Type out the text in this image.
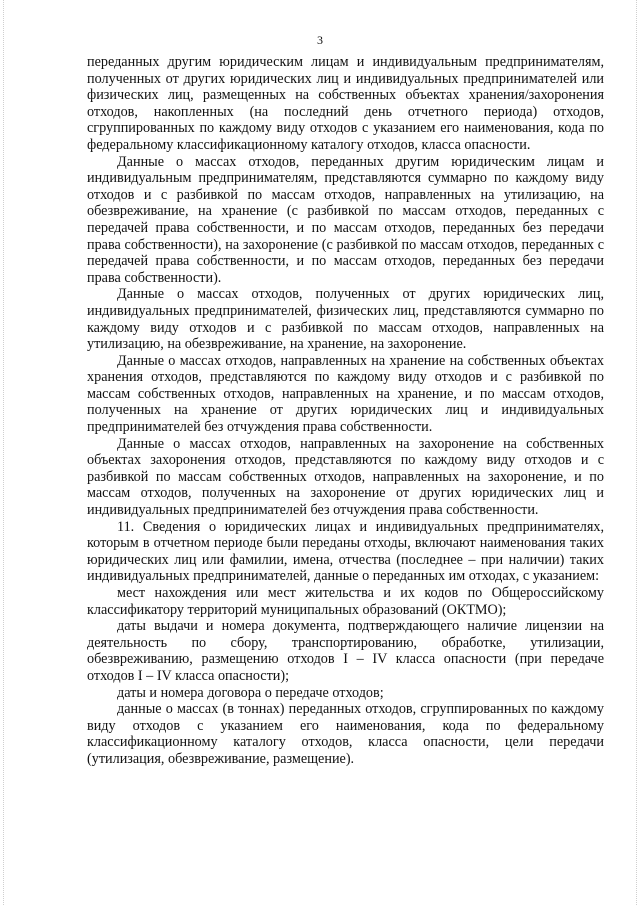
3

переданных другим юридическим лицам и индивидуальным предпринимателям, полученных от других юридических лиц и индивидуальных предпринимателей или физических лиц, размещенных на собственных объектах хранения/захоронения отходов, накопленных (на последний день отчетного периода) отходов, сгруппированных по каждому виду отходов с указанием его наименования, кода по федеральному классификационному каталогу отходов, класса опасности.

Данные о массах отходов, переданных другим юридическим лицам и индивидуальным предпринимателям, представляются суммарно по каждому виду отходов и с разбивкой по массам отходов, направленных на утилизацию, на обезвреживание, на хранение (с разбивкой по массам отходов, переданных с передачей права собственности, и по массам отходов, переданных без передачи права собственности), на захоронение (с разбивкой по массам отходов, переданных с передачей права собственности, и по массам отходов, переданных без передачи права собственности).

Данные о массах отходов, полученных от других юридических лиц, индивидуальных предпринимателей, физических лиц, представляются суммарно по каждому виду отходов и с разбивкой по массам отходов, направленных на утилизацию, на обезвреживание, на хранение, на захоронение.

Данные о массах отходов, направленных на хранение на собственных объектах хранения отходов, представляются по каждому виду отходов и с разбивкой по массам собственных отходов, направленных на хранение, и по массам отходов, полученных на хранение от других юридических лиц и индивидуальных предпринимателей без отчуждения права собственности.

Данные о массах отходов, направленных на захоронение на собственных объектах захоронения отходов, представляются по каждому виду отходов и с разбивкой по массам собственных отходов, направленных на захоронение, и по массам отходов, полученных на захоронение от других юридических лиц и индивидуальных предпринимателей без отчуждения права собственности.

11. Сведения о юридических лицах и индивидуальных предпринимателях, которым в отчетном периоде были переданы отходы, включают наименования таких юридических лиц или фамилии, имена, отчества (последнее – при наличии) таких индивидуальных предпринимателей, данные о переданных им отходах, с указанием:

мест нахождения или мест жительства и их кодов по Общероссийскому классификатору территорий муниципальных образований (ОКТМО);

даты выдачи и номера документа, подтверждающего наличие лицензии на деятельность по сбору, транспортированию, обработке, утилизации, обезвреживанию, размещению отходов I – IV класса опасности (при передаче отходов I – IV класса опасности);

даты и номера договора о передаче отходов;

данные о массах (в тоннах) переданных отходов, сгруппированных по каждому виду отходов с указанием его наименования, кода по федеральному классификационному каталогу отходов, класса опасности, цели передачи (утилизация, обезвреживание, размещение).
